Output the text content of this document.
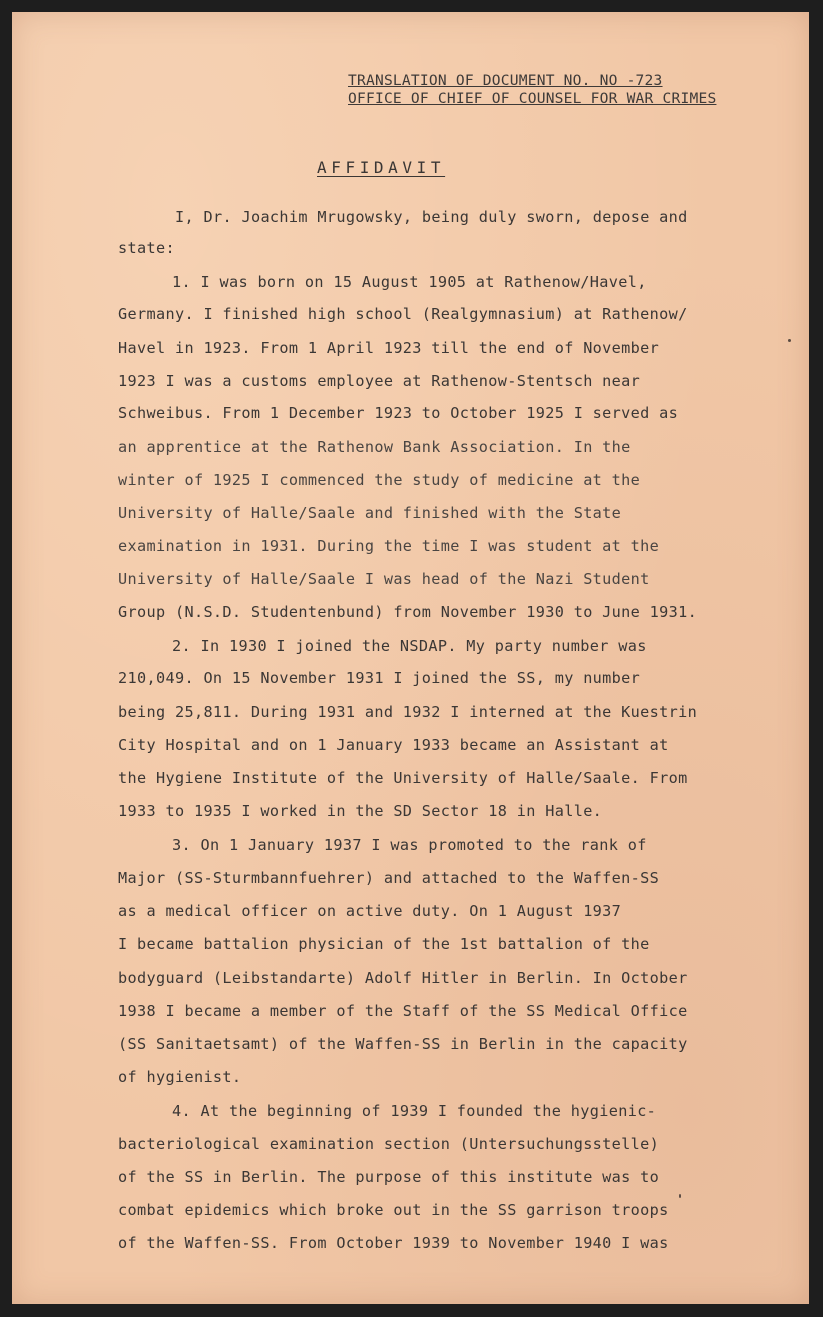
TRANSLATION OF DOCUMENT NO. NO -723
OFFICE OF CHIEF OF COUNSEL FOR WAR CRIMES
AFFIDAVIT
I, Dr. Joachim Mrugowsky, being duly sworn, depose and
state:
1. I was born on 15 August 1905 at Rathenow/Havel,
Germany. I finished high school (Realgymnasium) at Rathenow/
Havel in 1923. From 1 April 1923 till the end of November
1923 I was a customs employee at Rathenow-Stentsch near
Schweibus. From 1 December 1923 to October 1925 I served as
an apprentice at the Rathenow Bank Association. In the
winter of 1925 I commenced the study of medicine at the
University of Halle/Saale and finished with the State
examination in 1931. During the time I was student at the
University of Halle/Saale I was head of the Nazi Student
Group (N.S.D. Studentenbund) from November 1930 to June 1931.
2. In 1930 I joined the NSDAP. My party number was
210,049. On 15 November 1931 I joined the SS, my number
being 25,811. During 1931 and 1932 I interned at the Kuestrin
City Hospital and on 1 January 1933 became an Assistant at
the Hygiene Institute of the University of Halle/Saale. From
1933 to 1935 I worked in the SD Sector 18 in Halle.
3. On 1 January 1937 I was promoted to the rank of
Major (SS-Sturmbannfuehrer) and attached to the Waffen-SS
as a medical officer on active duty. On 1 August 1937
I became battalion physician of the 1st battalion of the
bodyguard (Leibstandarte) Adolf Hitler in Berlin. In October
1938 I became a member of the Staff of the SS Medical Office
(SS Sanitaetsamt) of the Waffen-SS in Berlin in the capacity
of hygienist.
4. At the beginning of 1939 I founded the hygienic-
bacteriological examination section (Untersuchungsstelle)
of the SS in Berlin. The purpose of this institute was to
combat epidemics which broke out in the SS garrison troops
of the Waffen-SS. From October 1939 to November 1940 I was
